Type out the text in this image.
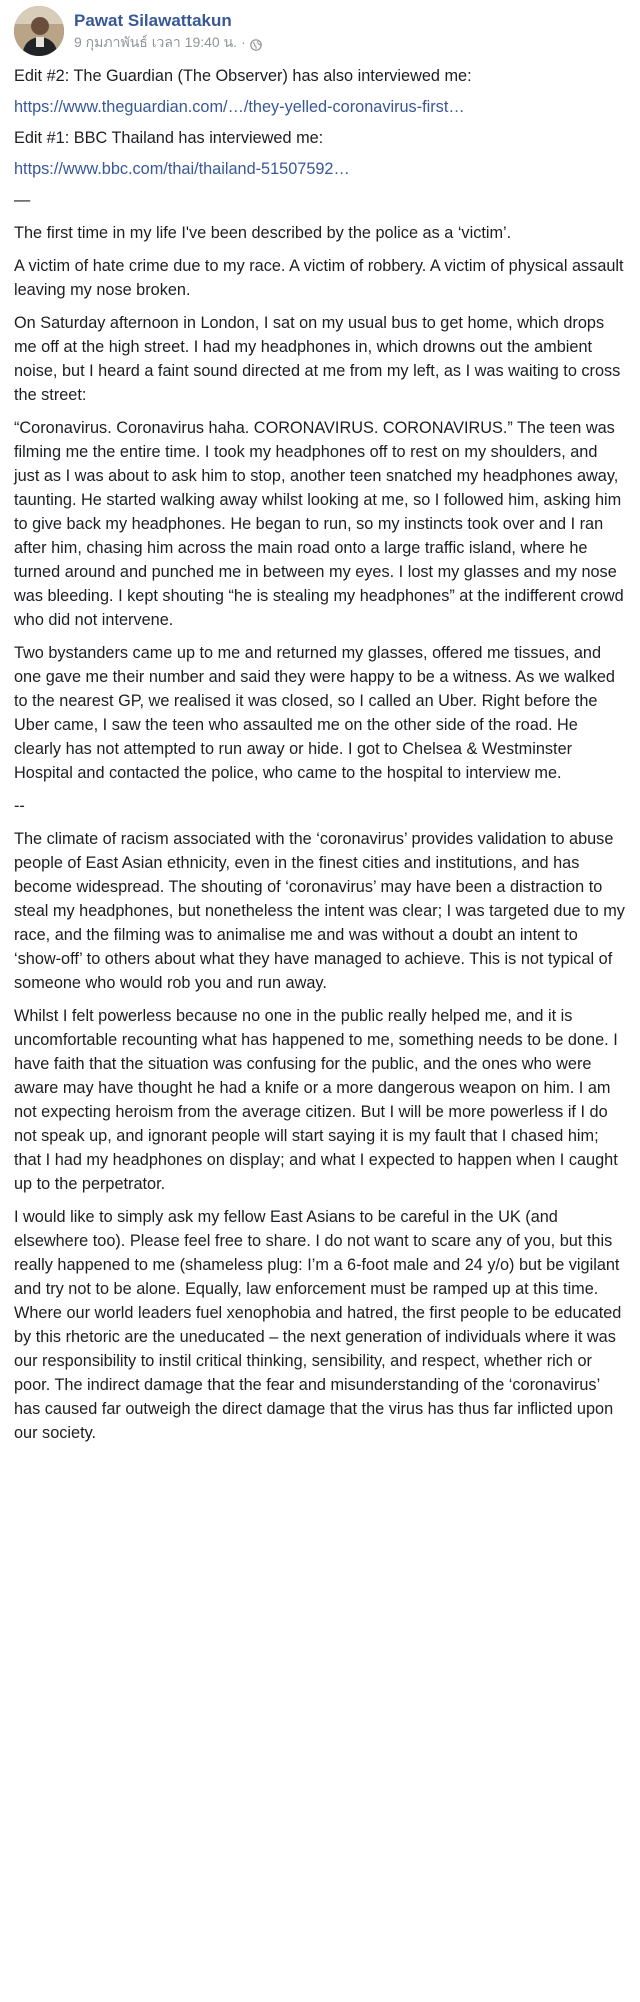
Pawat Silawattakun
9 กุมภาพันธ์ เวลา 19:40 น. ·

Edit #2: The Guardian (The Observer) has also interviewed me:

https://www.theguardian.com/…/they-yelled-coronavirus-first…

Edit #1: BBC Thailand has interviewed me:

https://www.bbc.com/thai/thailand-51507592…

—

The first time in my life I've been described by the police as a ‘victim’.

A victim of hate crime due to my race. A victim of robbery. A victim of physical assault leaving my nose broken.

On Saturday afternoon in London, I sat on my usual bus to get home, which drops me off at the high street. I had my headphones in, which drowns out the ambient noise, but I heard a faint sound directed at me from my left, as I was waiting to cross the street:

“Coronavirus. Coronavirus haha. CORONAVIRUS. CORONAVIRUS.” The teen was filming me the entire time. I took my headphones off to rest on my shoulders, and just as I was about to ask him to stop, another teen snatched my headphones away, taunting. He started walking away whilst looking at me, so I followed him, asking him to give back my headphones. He began to run, so my instincts took over and I ran after him, chasing him across the main road onto a large traffic island, where he turned around and punched me in between my eyes. I lost my glasses and my nose was bleeding. I kept shouting “he is stealing my headphones” at the indifferent crowd who did not intervene.

Two bystanders came up to me and returned my glasses, offered me tissues, and one gave me their number and said they were happy to be a witness. As we walked to the nearest GP, we realised it was closed, so I called an Uber. Right before the Uber came, I saw the teen who assaulted me on the other side of the road. He clearly has not attempted to run away or hide. I got to Chelsea & Westminster Hospital and contacted the police, who came to the hospital to interview me.

--

The climate of racism associated with the ‘coronavirus’ provides validation to abuse people of East Asian ethnicity, even in the finest cities and institutions, and has become widespread. The shouting of ‘coronavirus’ may have been a distraction to steal my headphones, but nonetheless the intent was clear; I was targeted due to my race, and the filming was to animalise me and was without a doubt an intent to ‘show-off’ to others about what they have managed to achieve. This is not typical of someone who would rob you and run away.

Whilst I felt powerless because no one in the public really helped me, and it is uncomfortable recounting what has happened to me, something needs to be done. I have faith that the situation was confusing for the public, and the ones who were aware may have thought he had a knife or a more dangerous weapon on him. I am not expecting heroism from the average citizen. But I will be more powerless if I do not speak up, and ignorant people will start saying it is my fault that I chased him; that I had my headphones on display; and what I expected to happen when I caught up to the perpetrator.

I would like to simply ask my fellow East Asians to be careful in the UK (and elsewhere too). Please feel free to share. I do not want to scare any of you, but this really happened to me (shameless plug: I’m a 6-foot male and 24 y/o) but be vigilant and try not to be alone. Equally, law enforcement must be ramped up at this time. Where our world leaders fuel xenophobia and hatred, the first people to be educated by this rhetoric are the uneducated – the next generation of individuals where it was our responsibility to instil critical thinking, sensibility, and respect, whether rich or poor. The indirect damage that the fear and misunderstanding of the ‘coronavirus’ has caused far outweigh the direct damage that the virus has thus far inflicted upon our society.
